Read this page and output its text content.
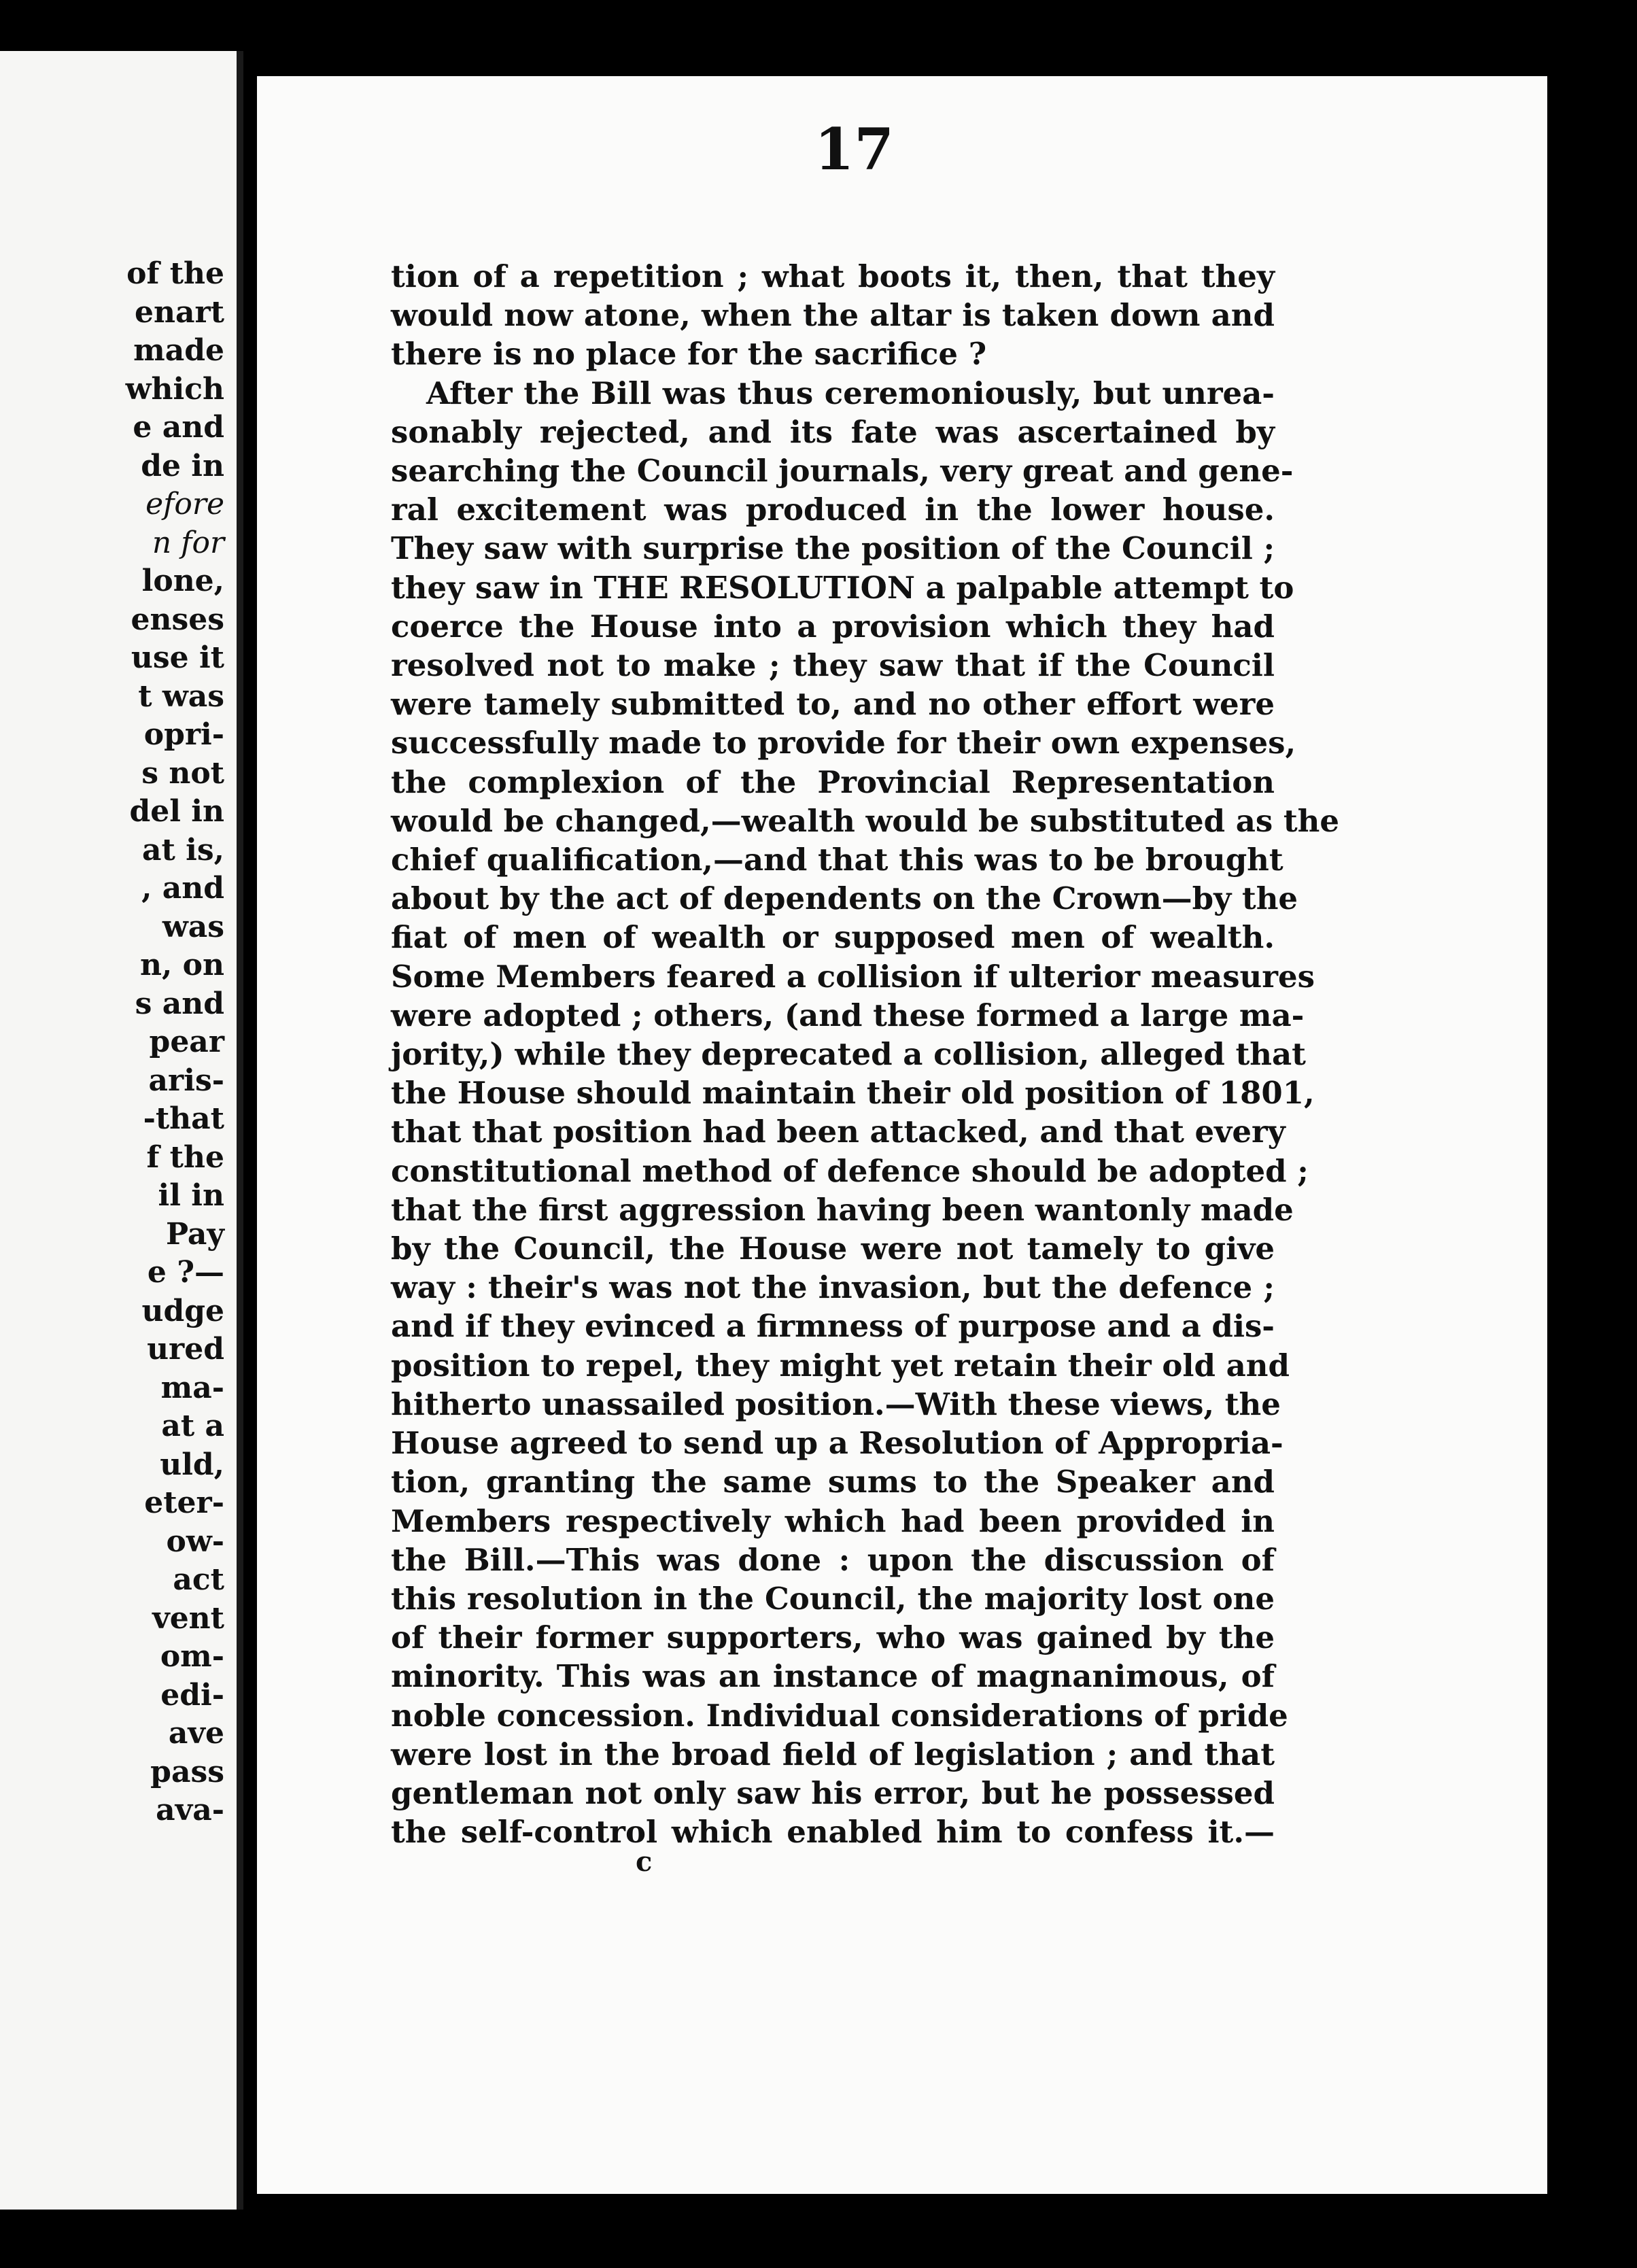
of the
enart
made
which
e and
de in
efore
n for
lone,
enses
use it
t was
opri-
s not
del in
at is,
, and
was
n, on
s and
pear
aris-
-that
f the
il in
Pay
e ?—
udge
ured
ma-
at a
uld,
eter-
ow-
act
vent
om-
edi-
ave
pass
ava-

17

tion of a repetition ; what boots it, then, that they
would now atone, when the altar is taken down and
there is no place for the sacrifice ?
After the Bill was thus ceremoniously, but unrea-
sonably rejected, and its fate was ascertained by
searching the Council journals, very great and gene-
ral excitement was produced in the lower house.
They saw with surprise the position of the Council ;
they saw in THE RESOLUTION a palpable attempt to
coerce the House into a provision which they had
resolved not to make ; they saw that if the Council
were tamely submitted to, and no other effort were
successfully made to provide for their own expenses,
the complexion of the Provincial Representation
would be changed,—wealth would be substituted as the
chief qualification,—and that this was to be brought
about by the act of dependents on the Crown—by the
fiat of men of wealth or supposed men of wealth.
Some Members feared a collision if ulterior measures
were adopted ; others, (and these formed a large ma-
jority,) while they deprecated a collision, alleged that
the House should maintain their old position of 1801,
that that position had been attacked, and that every
constitutional method of defence should be adopted ;
that the first aggression having been wantonly made
by the Council, the House were not tamely to give
way : their's was not the invasion, but the defence ;
and if they evinced a firmness of purpose and a dis-
position to repel, they might yet retain their old and
hitherto unassailed position.—With these views, the
House agreed to send up a Resolution of Appropria-
tion, granting the same sums to the Speaker and
Members respectively which had been provided in
the Bill.—This was done : upon the discussion of
this resolution in the Council, the majority lost one
of their former supporters, who was gained by the
minority. This was an instance of magnanimous, of
noble concession. Individual considerations of pride
were lost in the broad field of legislation ; and that
gentleman not only saw his error, but he possessed
the self-control which enabled him to confess it.—

c
